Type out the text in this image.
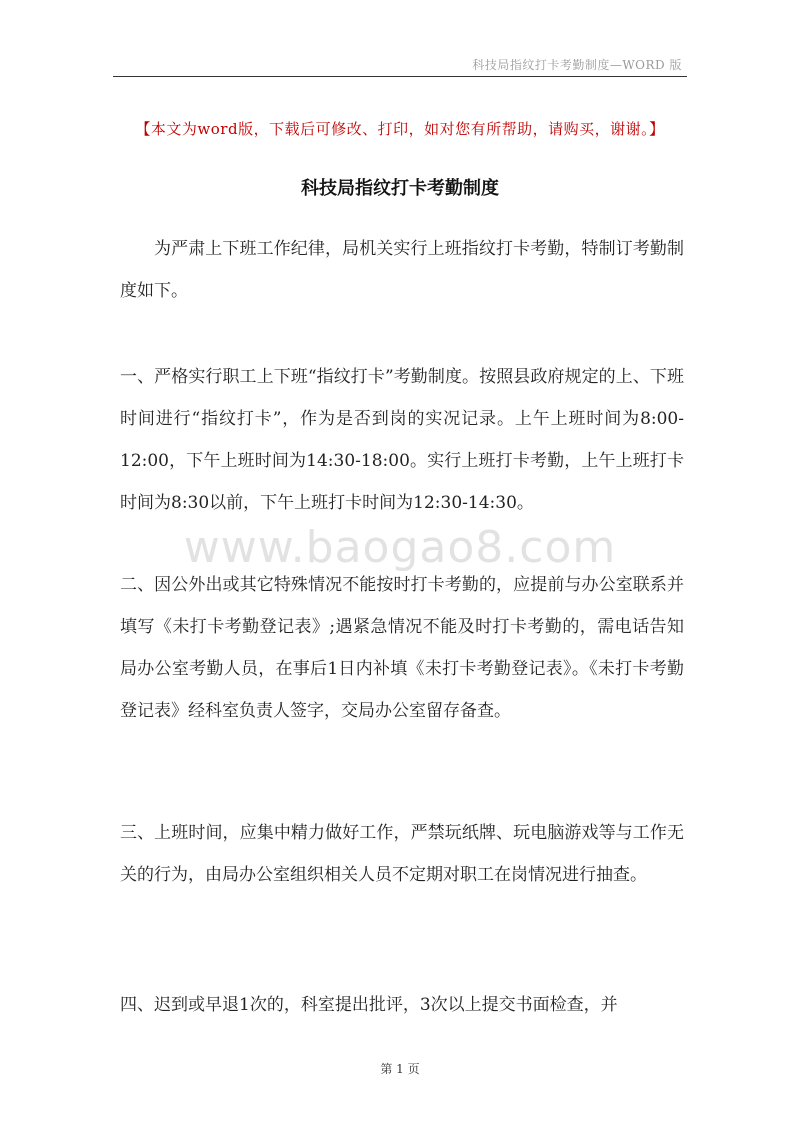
科技局指纹打卡考勤制度—WORD 版
【本文为word版，下载后可修改、打印，如对您有所帮助，请购买，谢谢。】
科技局指纹打卡考勤制度
为严肃上下班工作纪律，局机关实行上班指纹打卡考勤，特制订考勤制度如下。
一、严格实行职工上下班“指纹打卡”考勤制度。按照县政府规定的上、下班时间进行“指纹打卡”，作为是否到岗的实况记录。上午上班时间为8:00-12:00，下午上班时间为14:30-18:00。实行上班打卡考勤，上午上班打卡时间为8:30以前，下午上班打卡时间为12:30-14:30。
www.baogao8.com
二、因公外出或其它特殊情况不能按时打卡考勤的，应提前与办公室联系并填写《未打卡考勤登记表》;遇紧急情况不能及时打卡考勤的，需电话告知局办公室考勤人员，在事后1日内补填《未打卡考勤登记表》。《未打卡考勤登记表》经科室负责人签字，交局办公室留存备查。
三、上班时间，应集中精力做好工作，严禁玩纸牌、玩电脑游戏等与工作无关的行为，由局办公室组织相关人员不定期对职工在岗情况进行抽查。
四、迟到或早退1次的，科室提出批评，3次以上提交书面检查，并
第 1 页
